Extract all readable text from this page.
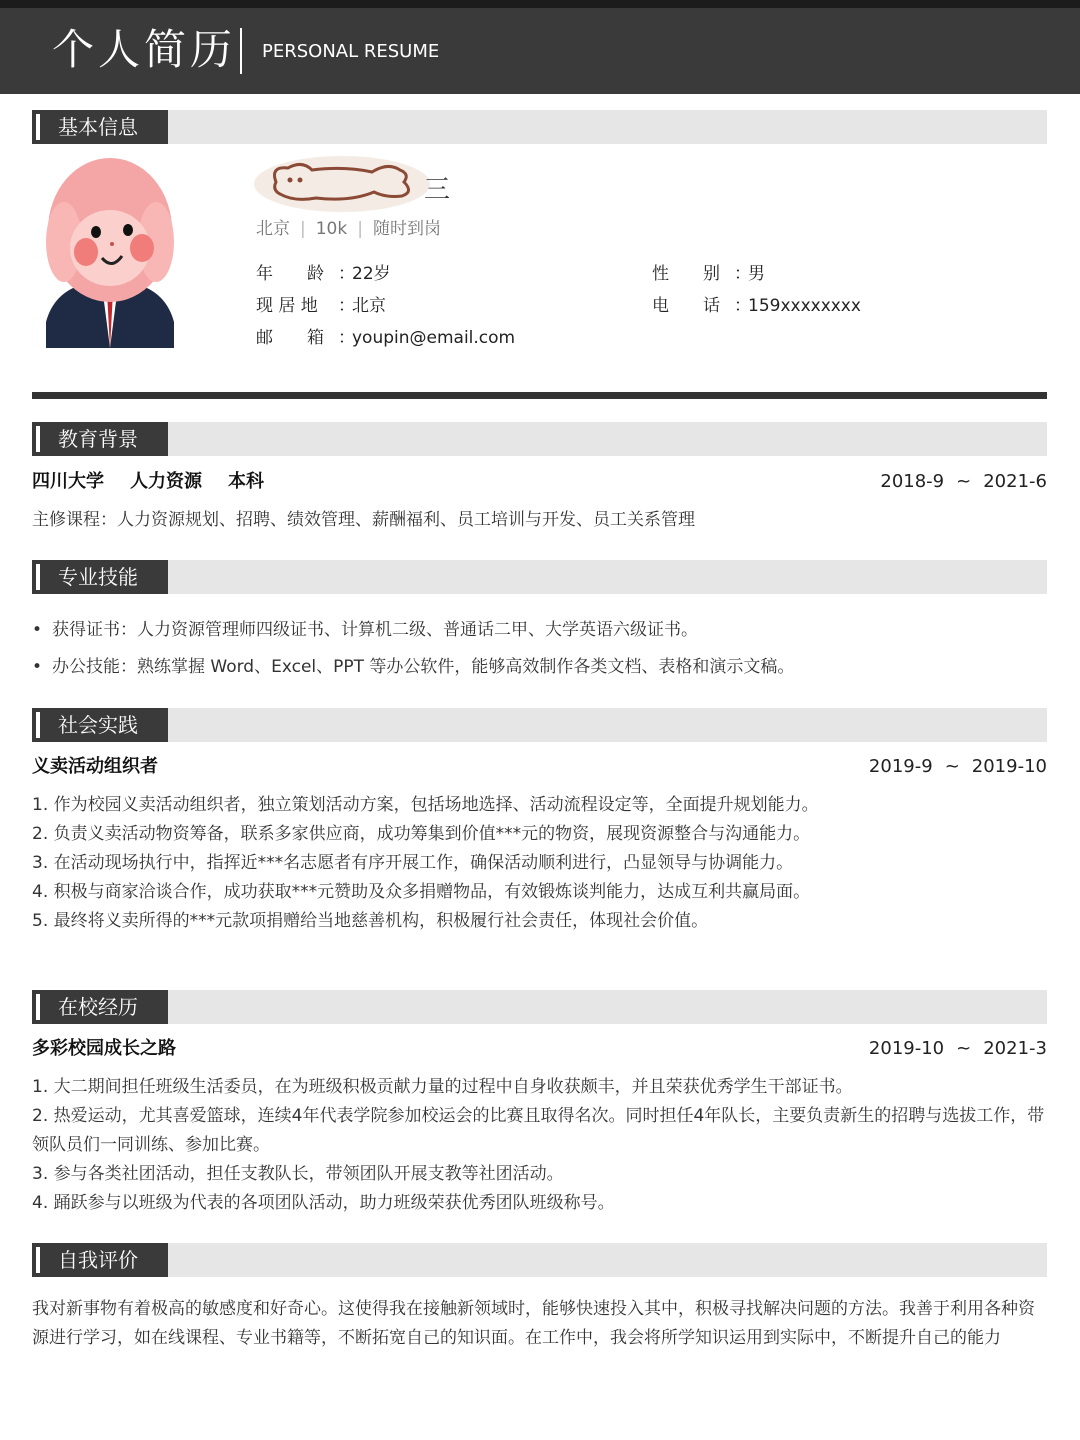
个人简历 PERSONAL RESUME
基本信息
三
北京 | 10k | 随时到岗
年　　龄 ：22岁	性　　别 ：男
现 居 地 ：北京	电　　话 ：159xxxxxxxx
邮　　箱 ：youpin@email.com
教育背景
四川大学 人力资源 本科	2018-9 ~ 2021-6
主修课程：人力资源规划、招聘、绩效管理、薪酬福利、员工培训与开发、员工关系管理
专业技能
• 获得证书：人力资源管理师四级证书、计算机二级、普通话二甲、大学英语六级证书。
• 办公技能：熟练掌握 Word、Excel、PPT 等办公软件，能够高效制作各类文档、表格和演示文稿。
社会实践
义卖活动组织者	2019-9 ~ 2019-10
1. 作为校园义卖活动组织者，独立策划活动方案，包括场地选择、活动流程设定等，全面提升规划能力。
2. 负责义卖活动物资筹备，联系多家供应商，成功筹集到价值***元的物资，展现资源整合与沟通能力。
3. 在活动现场执行中，指挥近***名志愿者有序开展工作，确保活动顺利进行，凸显领导与协调能力。
4. 积极与商家洽谈合作，成功获取***元赞助及众多捐赠物品，有效锻炼谈判能力，达成互利共赢局面。
5. 最终将义卖所得的***元款项捐赠给当地慈善机构，积极履行社会责任，体现社会价值。
在校经历
多彩校园成长之路	2019-10 ~ 2021-3
1. 大二期间担任班级生活委员，在为班级积极贡献力量的过程中自身收获颇丰，并且荣获优秀学生干部证书。
2. 热爱运动，尤其喜爱篮球，连续4年代表学院参加校运会的比赛且取得名次。同时担任4年队长，主要负责新生的招聘与选拔工作，带领队员们一同训练、参加比赛。
3. 参与各类社团活动，担任支教队长，带领团队开展支教等社团活动。
4. 踊跃参与以班级为代表的各项团队活动，助力班级荣获优秀团队班级称号。
自我评价
我对新事物有着极高的敏感度和好奇心。这使得我在接触新领域时，能够快速投入其中，积极寻找解决问题的方法。我善于利用各种资源进行学习，如在线课程、专业书籍等，不断拓宽自己的知识面。在工作中，我会将所学知识运用到实际中，不断提升自己的能力
